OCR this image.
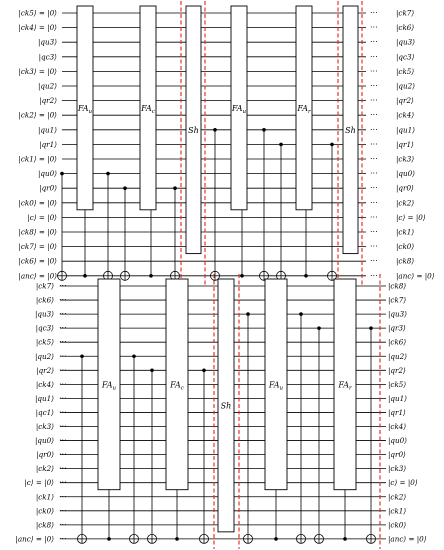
|ck5⟩ = |0⟩
|ck4⟩ = |0⟩
|qu3⟩
|qc3⟩
|ck3⟩ = |0⟩
|qu2⟩
|qr2⟩
|ck2⟩ = |0⟩
|qu1⟩
|qr1⟩
|ck1⟩ = |0⟩
|qu0⟩
|qr0⟩
|ck0⟩ = |0⟩
|c⟩ = |0⟩
|ck8⟩ = |0⟩
|ck7⟩ = |0⟩
|ck6⟩ = |0⟩
|anc⟩ = |0⟩
|ck7⟩
|ck6⟩
|qu3⟩
|qc3⟩
|ck5⟩
|qu2⟩
|qr2⟩
|ck4⟩
|qu1⟩
|qr1⟩
|ck3⟩
|qu0⟩
|qr0⟩
|ck2⟩
|c⟩ = |0⟩
|ck1⟩
|ck0⟩
|ck8⟩
|anc⟩ = |0⟩
···
···
···
···
···
···
···
···
···
···
···
···
···
···
···
···
···
···
···
$FA_u$	$FA_c$
Sh
$FA_u$	$FA_r$
Sh
|ck7⟩
|ck6⟩
|qu3⟩
|qc3⟩
|ck5⟩
|qu2⟩
|qr2⟩
|ck4⟩
|qu1⟩
|qc1⟩
|ck3⟩
|qu0⟩
|qr0⟩
|ck2⟩
|c⟩ = |0⟩
|ck1⟩
|ck0⟩
|ck8⟩
|anc⟩ = |0⟩
|ck8⟩
|ck7⟩
|qu3⟩
|qr3⟩
|ck6⟩
|qu2⟩
|qr2⟩
|ck5⟩
|qu1⟩
|qr1⟩
|ck4⟩
|qu0⟩
|qr0⟩
|ck3⟩
|c⟩ = |0⟩
|ck2⟩
|ck1⟩
|ck0⟩
|anc⟩ = |0⟩
···
···
···
···
···
···
···
···
···
···
···
···
···
···
···
···
···
···
···
$FA_u$	$FA_c$
Sh
$FA_u$	$FA_r$
